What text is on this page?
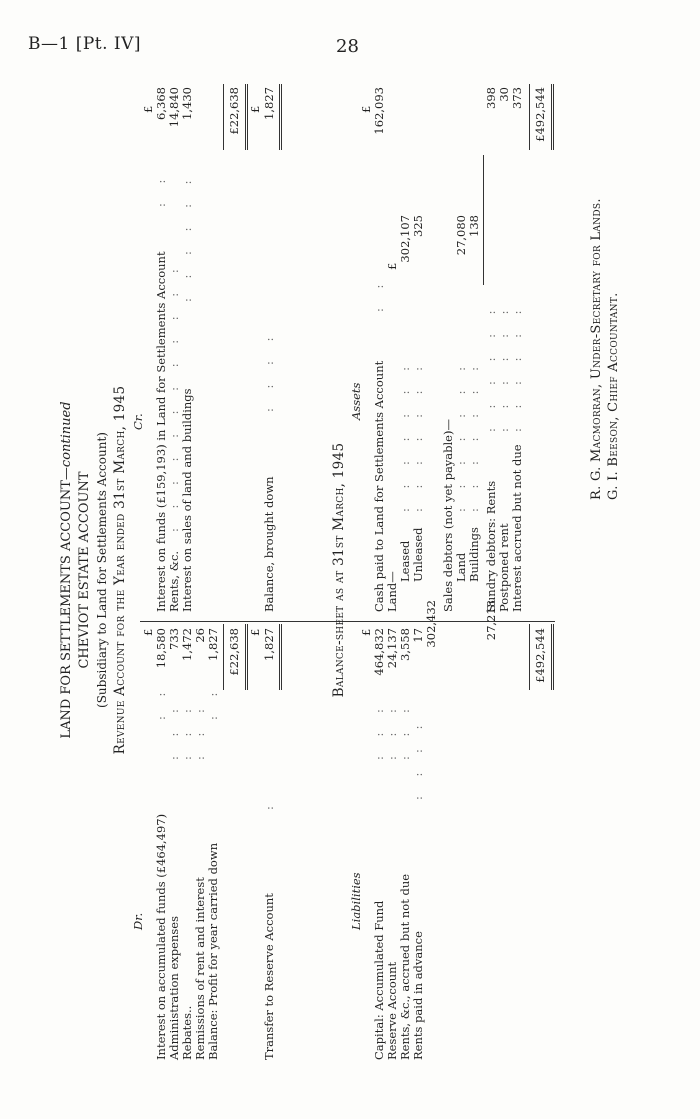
B—1 [Pt. IV]	28
LAND FOR SETTLEMENTS ACCOUNT—continued
CHEVIOT ESTATE ACCOUNT (Subsidiary to Land for Settlements Account) Revenue Account for the Year ended 31st March, 1945
Dr.
Cr.
£
£
Interest on accumulated funds (£464,497)
: :
18,580
Administration expenses
: : :
733
Rebates..
: : :
1,472
Remissions of rent and interest
: : :
26
Balance: Profit for year carried down
: :
1,827 £22,638
Interest on funds (£159,193) in Land for Settlements Account
: :
6,368
Rents, &c.
: : : : : : : : : : : :
14,840
Interest on sales of land and buildings
: : : : : :
1,430	£22,638
£
£
Transfer to Reserve Account
:
1,827
Balance, brought down
: : : :
1,827
Balance-sheet as at 31st March, 1945
Liabilities
Assets
£
£
Capital: Accumulated Fund
: : :
464,832
Reserve Account
: : :
24,137
Rents, &c., accrued but not due
: : :
3,558
Rents paid in advance
: : : :
17
Cash paid to Land for Settlements Account
: :
162,093
Land—
£
Leased
: : : : : : :
302,107
Unleased
: : : : : : :
325
302,432
Sales debtors (not yet payable)— Land
: : : : : : :
27,080
Buildings
: : : : : : :
138
27,218
Sundry debtors: Rents
: : : : : :
398
Postponed rent
: : : : : :
30
Interest accrued but not due
: : : : : :
373
£492,544
£492,544
R. G. Macmorran, Under-Secretary for Lands. G. I. Beeson, Chief Accountant.
